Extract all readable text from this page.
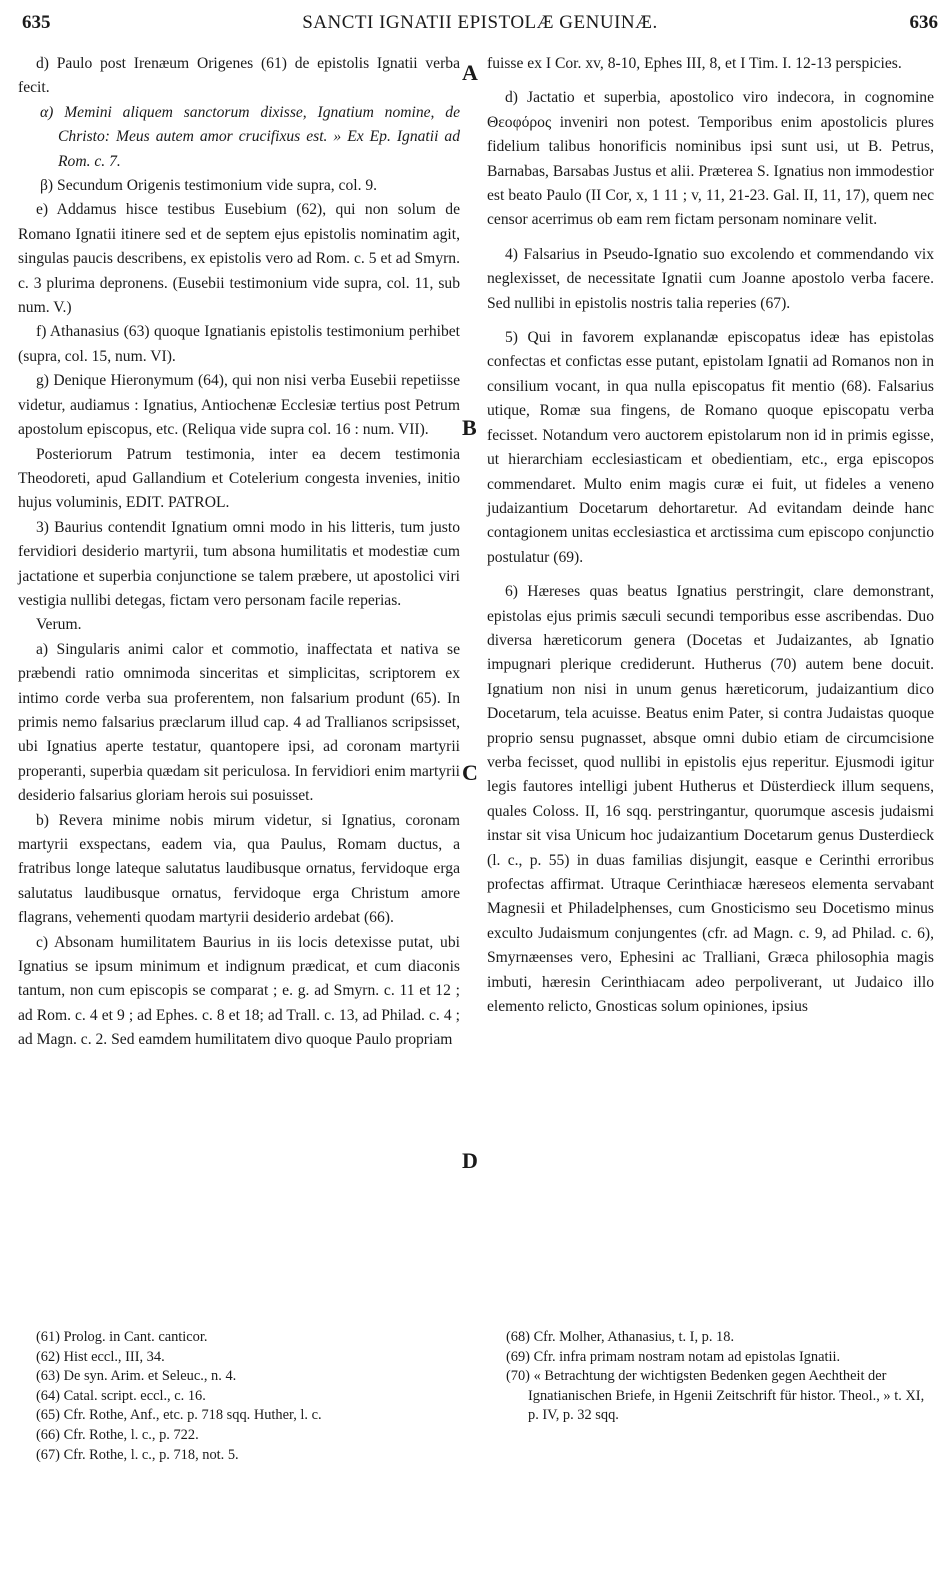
635	SANCTI IGNATII EPISTOLÆ GENUINÆ.	636
A
B
C
D

d) Paulo post Irenæum Origenes (61) de epistolis Ignatii verba fecit.

α) Memini aliquem sanctorum dixisse, Ignatium nomine, de Christo: Meus autem amor crucifixus est. » Ex Ep. Ignatii ad Rom. c. 7.

β) Secundum Origenis testimonium vide supra, col. 9.

e) Addamus hisce testibus Eusebium (62), qui non solum de Romano Ignatii itinere sed et de septem ejus epistolis nominatim agit, singulas paucis describens, ex epistolis vero ad Rom. c. 5 et ad Smyrn. c. 3 plurima depronens. (Eusebii testimonium vide supra, col. 11, sub num. V.)

f) Athanasius (63) quoque Ignatianis epistolis testimonium perhibet (supra, col. 15, num. VI).

g) Denique Hieronymum (64), qui non nisi verba Eusebii repetiisse videtur, audiamus : Ignatius, Antiochenæ Ecclesiæ tertius post Petrum apostolum episcopus, etc. (Reliqua vide supra col. 16 : num. VII).

Posteriorum Patrum testimonia, inter ea decem testimonia Theodoreti, apud Gallandium et Cotelerium congesta invenies, initio hujus voluminis, EDIT. PATROL.

3) Baurius contendit Ignatium omni modo in his litteris, tum justo fervidiori desiderio martyrii, tum absona humilitatis et modestiæ cum jactatione et superbia conjunctione se talem præbere, ut apostolici viri vestigia nullibi detegas, fictam vero personam facile reperias.

Verum.

a) Singularis animi calor et commotio, inaffectata et nativa se præbendi ratio omnimoda sinceritas et simplicitas, scriptorem ex intimo corde verba sua proferentem, non falsarium produnt (65). In primis nemo falsarius præclarum illud cap. 4 ad Trallianos scripsisset, ubi Ignatius aperte testatur, quantopere ipsi, ad coronam martyrii properanti, superbia quædam sit periculosa. In fervidiori enim martyrii desiderio falsarius gloriam herois sui posuisset.

b) Revera minime nobis mirum videtur, si Ignatius, coronam martyrii exspectans, eadem via, qua Paulus, Romam ductus, a fratribus longe lateque salutatus laudibusque ornatus, fervidoque erga salutatus laudibusque ornatus, fervidoque erga Christum amore flagrans, vehementi quodam martyrii desiderio ardebat (66).

c) Absonam humilitatem Baurius in iis locis detexisse putat, ubi Ignatius se ipsum minimum et indignum prædicat, et cum diaconis tantum, non cum episcopis se comparat ; e. g. ad Smyrn. c. 11 et 12 ; ad Rom. c. 4 et 9 ; ad Ephes. c. 8 et 18; ad Trall. c. 13, ad Philad. c. 4 ; ad Magn. c. 2. Sed eamdem humilitatem divo quoque Paulo propriam

fuisse ex I Cor. xv, 8-10, Ephes III, 8, et I Tim. I. 12-13 perspicies.

d) Jactatio et superbia, apostolico viro indecora, in cognomine Θεοφόρος inveniri non potest. Temporibus enim apostolicis plures fidelium talibus honorificis nominibus ipsi sunt usi, ut B. Petrus, Barnabas, Barsabas Justus et alii. Præterea S. Ignatius non immodestior est beato Paulo (II Cor, x, 1 11 ; v, 11, 21-23. Gal. II, 11, 17), quem nec censor acerrimus ob eam rem fictam personam nominare velit.

4) Falsarius in Pseudo-Ignatio suo excolendo et commendando vix neglexisset, de necessitate Ignatii cum Joanne apostolo verba facere. Sed nullibi in epistolis nostris talia reperies (67).

5) Qui in favorem explanandæ episcopatus ideæ has epistolas confectas et confictas esse putant, epistolam Ignatii ad Romanos non in consilium vocant, in qua nulla episcopatus fit mentio (68). Falsarius utique, Romæ sua fingens, de Romano quoque episcopatu verba fecisset. Notandum vero auctorem epistolarum non id in primis egisse, ut hierarchiam ecclesiasticam et obedientiam, etc., erga episcopos commendaret. Multo enim magis curæ ei fuit, ut fideles a veneno judaizantium Docetarum dehortaretur. Ad evitandam deinde hanc contagionem unitas ecclesiastica et arctissima cum episcopo conjunctio postulatur (69).

6) Hæreses quas beatus Ignatius perstringit, clare demonstrant, epistolas ejus primis sæculi secundi temporibus esse ascribendas. Duo diversa hæreticorum genera (Docetas et Judaizantes, ab Ignatio impugnari plerique crediderunt. Hutherus (70) autem bene docuit. Ignatium non nisi in unum genus hæreticorum, judaizantium dico Docetarum, tela acuisse. Beatus enim Pater, si contra Judaistas quoque proprio sensu pugnasset, absque omni dubio etiam de circumcisione verba fecisset, quod nullibi in epistolis ejus reperitur. Ejusmodi igitur legis fautores intelligi jubent Hutherus et Düsterdieck illum sequens, quales Coloss. II, 16 sqq. perstringantur, quorumque ascesis judaismi instar sit visa Unicum hoc judaizantium Docetarum genus Dusterdieck (l. c., p. 55) in duas familias disjungit, easque e Cerinthi erroribus profectas affirmat. Utraque Cerinthiacæ hæreseos elementa servabant Magnesii et Philadelphenses, cum Gnosticismo seu Docetismo minus exculto Judaismum conjungentes (cfr. ad Magn. c. 9, ad Philad. c. 6), Smyrnæenses vero, Ephesini ac Tralliani, Græca philosophia magis imbuti, hæresin Cerinthiacam adeo perpoliverant, ut Judaico illo elemento relicto, Gnosticas solum opiniones, ipsius

(61) Prolog. in Cant. canticor.

(62) Hist eccl., III, 34.

(63) De syn. Arim. et Seleuc., n. 4.

(64) Catal. script. eccl., c. 16.

(65) Cfr. Rothe, Anf., etc. p. 718 sqq. Huther, l. c.

(66) Cfr. Rothe, l. c., p. 722.

(67) Cfr. Rothe, l. c., p. 718, not. 5.

(68) Cfr. Molher, Athanasius, t. I, p. 18.

(69) Cfr. infra primam nostram notam ad epistolas Ignatii.

(70) « Betrachtung der wichtigsten Bedenken gegen Aechtheit der Ignatianischen Briefe, in Hgenii Zeitschrift für histor. Theol., » t. XI, p. IV, p. 32 sqq.
